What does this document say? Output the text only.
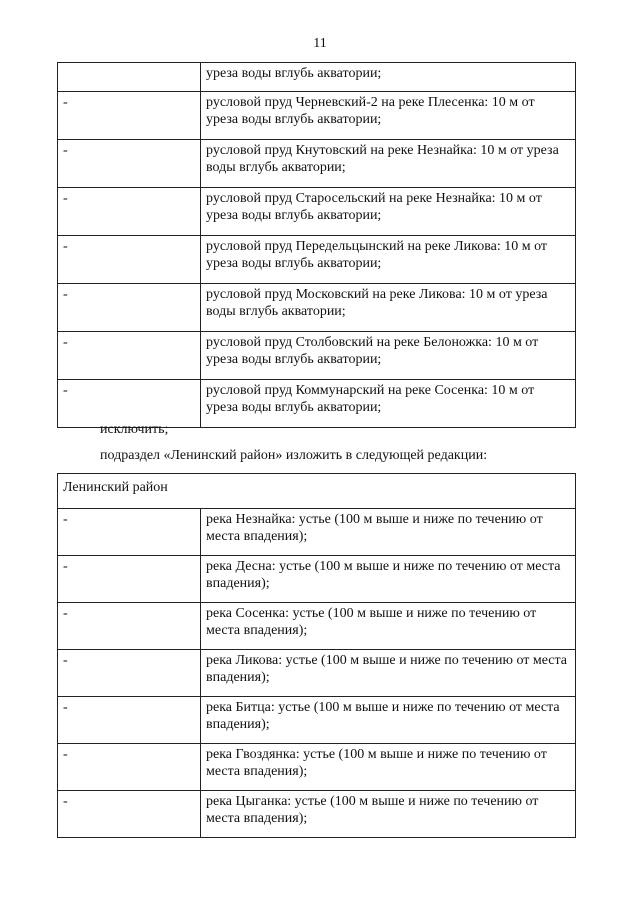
11
	уреза воды вглубь акватории;
-	русловой пруд Черневский-2 на реке Плесенка: 10 м от уреза воды вглубь акватории;
-	русловой пруд Кнутовский на реке Незнайка: 10 м от уреза воды вглубь акватории;
-	русловой пруд Старосельский на реке Незнайка: 10 м от уреза воды вглубь акватории;
-	русловой пруд Передельцынский на реке Ликова: 10 м от уреза воды вглубь акватории;
-	русловой пруд Московский на реке Ликова: 10 м от уреза воды вглубь акватории;
-	русловой пруд Столбовский на реке Белоножка: 10 м от уреза воды вглубь акватории;
-	русловой пруд Коммунарский на реке Сосенка: 10 м от уреза воды вглубь акватории;
исключить;
подраздел «Ленинский район» изложить в следующей редакции:
Ленинский район	
-	река Незнайка: устье (100 м выше и ниже по течению от места впадения);
-	река Десна: устье (100 м выше и ниже по течению от места впадения);
-	река Сосенка: устье (100 м выше и ниже по течению от места впадения);
-	река Ликова: устье (100 м выше и ниже по течению от места впадения);
-	река Битца: устье (100 м выше и ниже по течению от места впадения);
-	река Гвоздянка: устье (100 м выше и ниже по течению от места впадения);
-	река Цыганка: устье (100 м выше и ниже по течению от места впадения);
